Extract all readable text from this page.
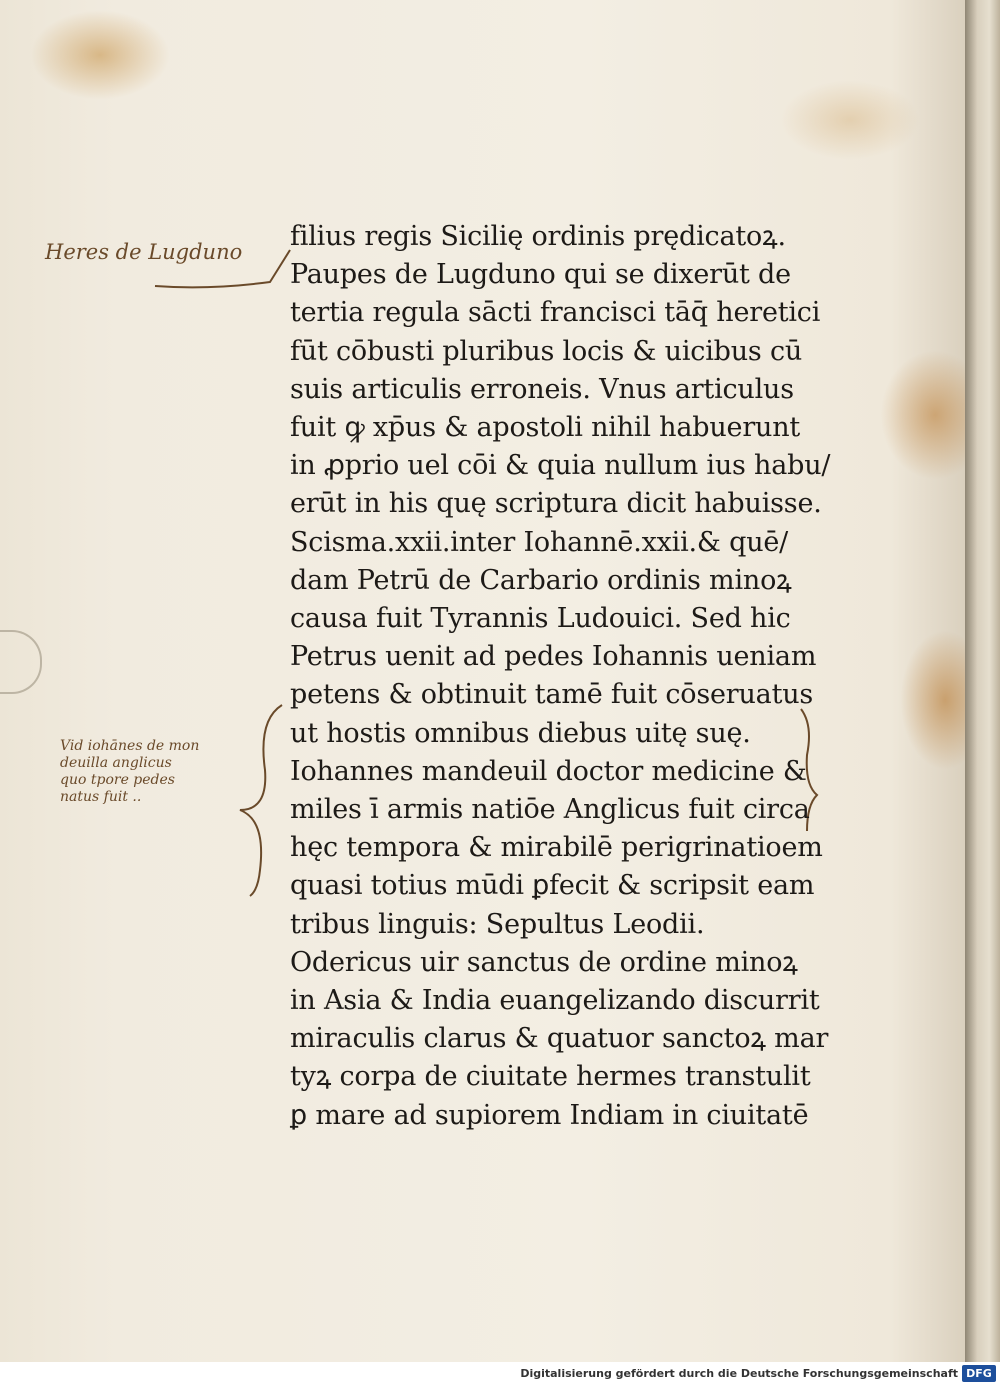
Heres de Lugduno
Vid iohānes de mon
deuilla anglicus
quo tpore pedes
natus fuit ..
filius regis Sicilię ordinis prędicatoꝝ.
Paupes de Lugduno qui se dixerūt de
tertia regula sācti francisci tāq̄ heretici
fūt cōbusti pluribus locis & uicibus cū
suis articulis erroneis. Vnus articulus
fuit ꝙ xp̄us & apostoli nihil habuerunt
in ꝓprio uel cōi & quia nullum ius habu/
erūt in his quę scriptura dicit habuisse.
Scisma.xxii.inter Iohannē.xxii.& quē/
dam Petrū de Carbario ordinis minoꝝ
causa fuit Tyrannis Ludouici. Sed hic
Petrus uenit ad pedes Iohannis ueniam
petens & obtinuit tamē fuit cōseruatus
ut hostis omnibus diebus uitę suę.
Iohannes mandeuil doctor medicine &
miles ī armis natiōe Anglicus fuit circa
hęc tempora & mirabilē perigrinatioem
quasi totius mūdi ꝑfecit & scripsit eam
tribus linguis: Sepultus Leodii.
Odericus uir sanctus de ordine minoꝝ
in Asia & India euangelizando discurrit
miraculis clarus & quatuor sanctoꝝ mar
tyꝝ corpa de ciuitate hermes transtulit
ꝑ mare ad supiorem Indiam in ciuitatē
Digitalisierung gefördert durch die Deutsche Forschungsgemeinschaft DFG
